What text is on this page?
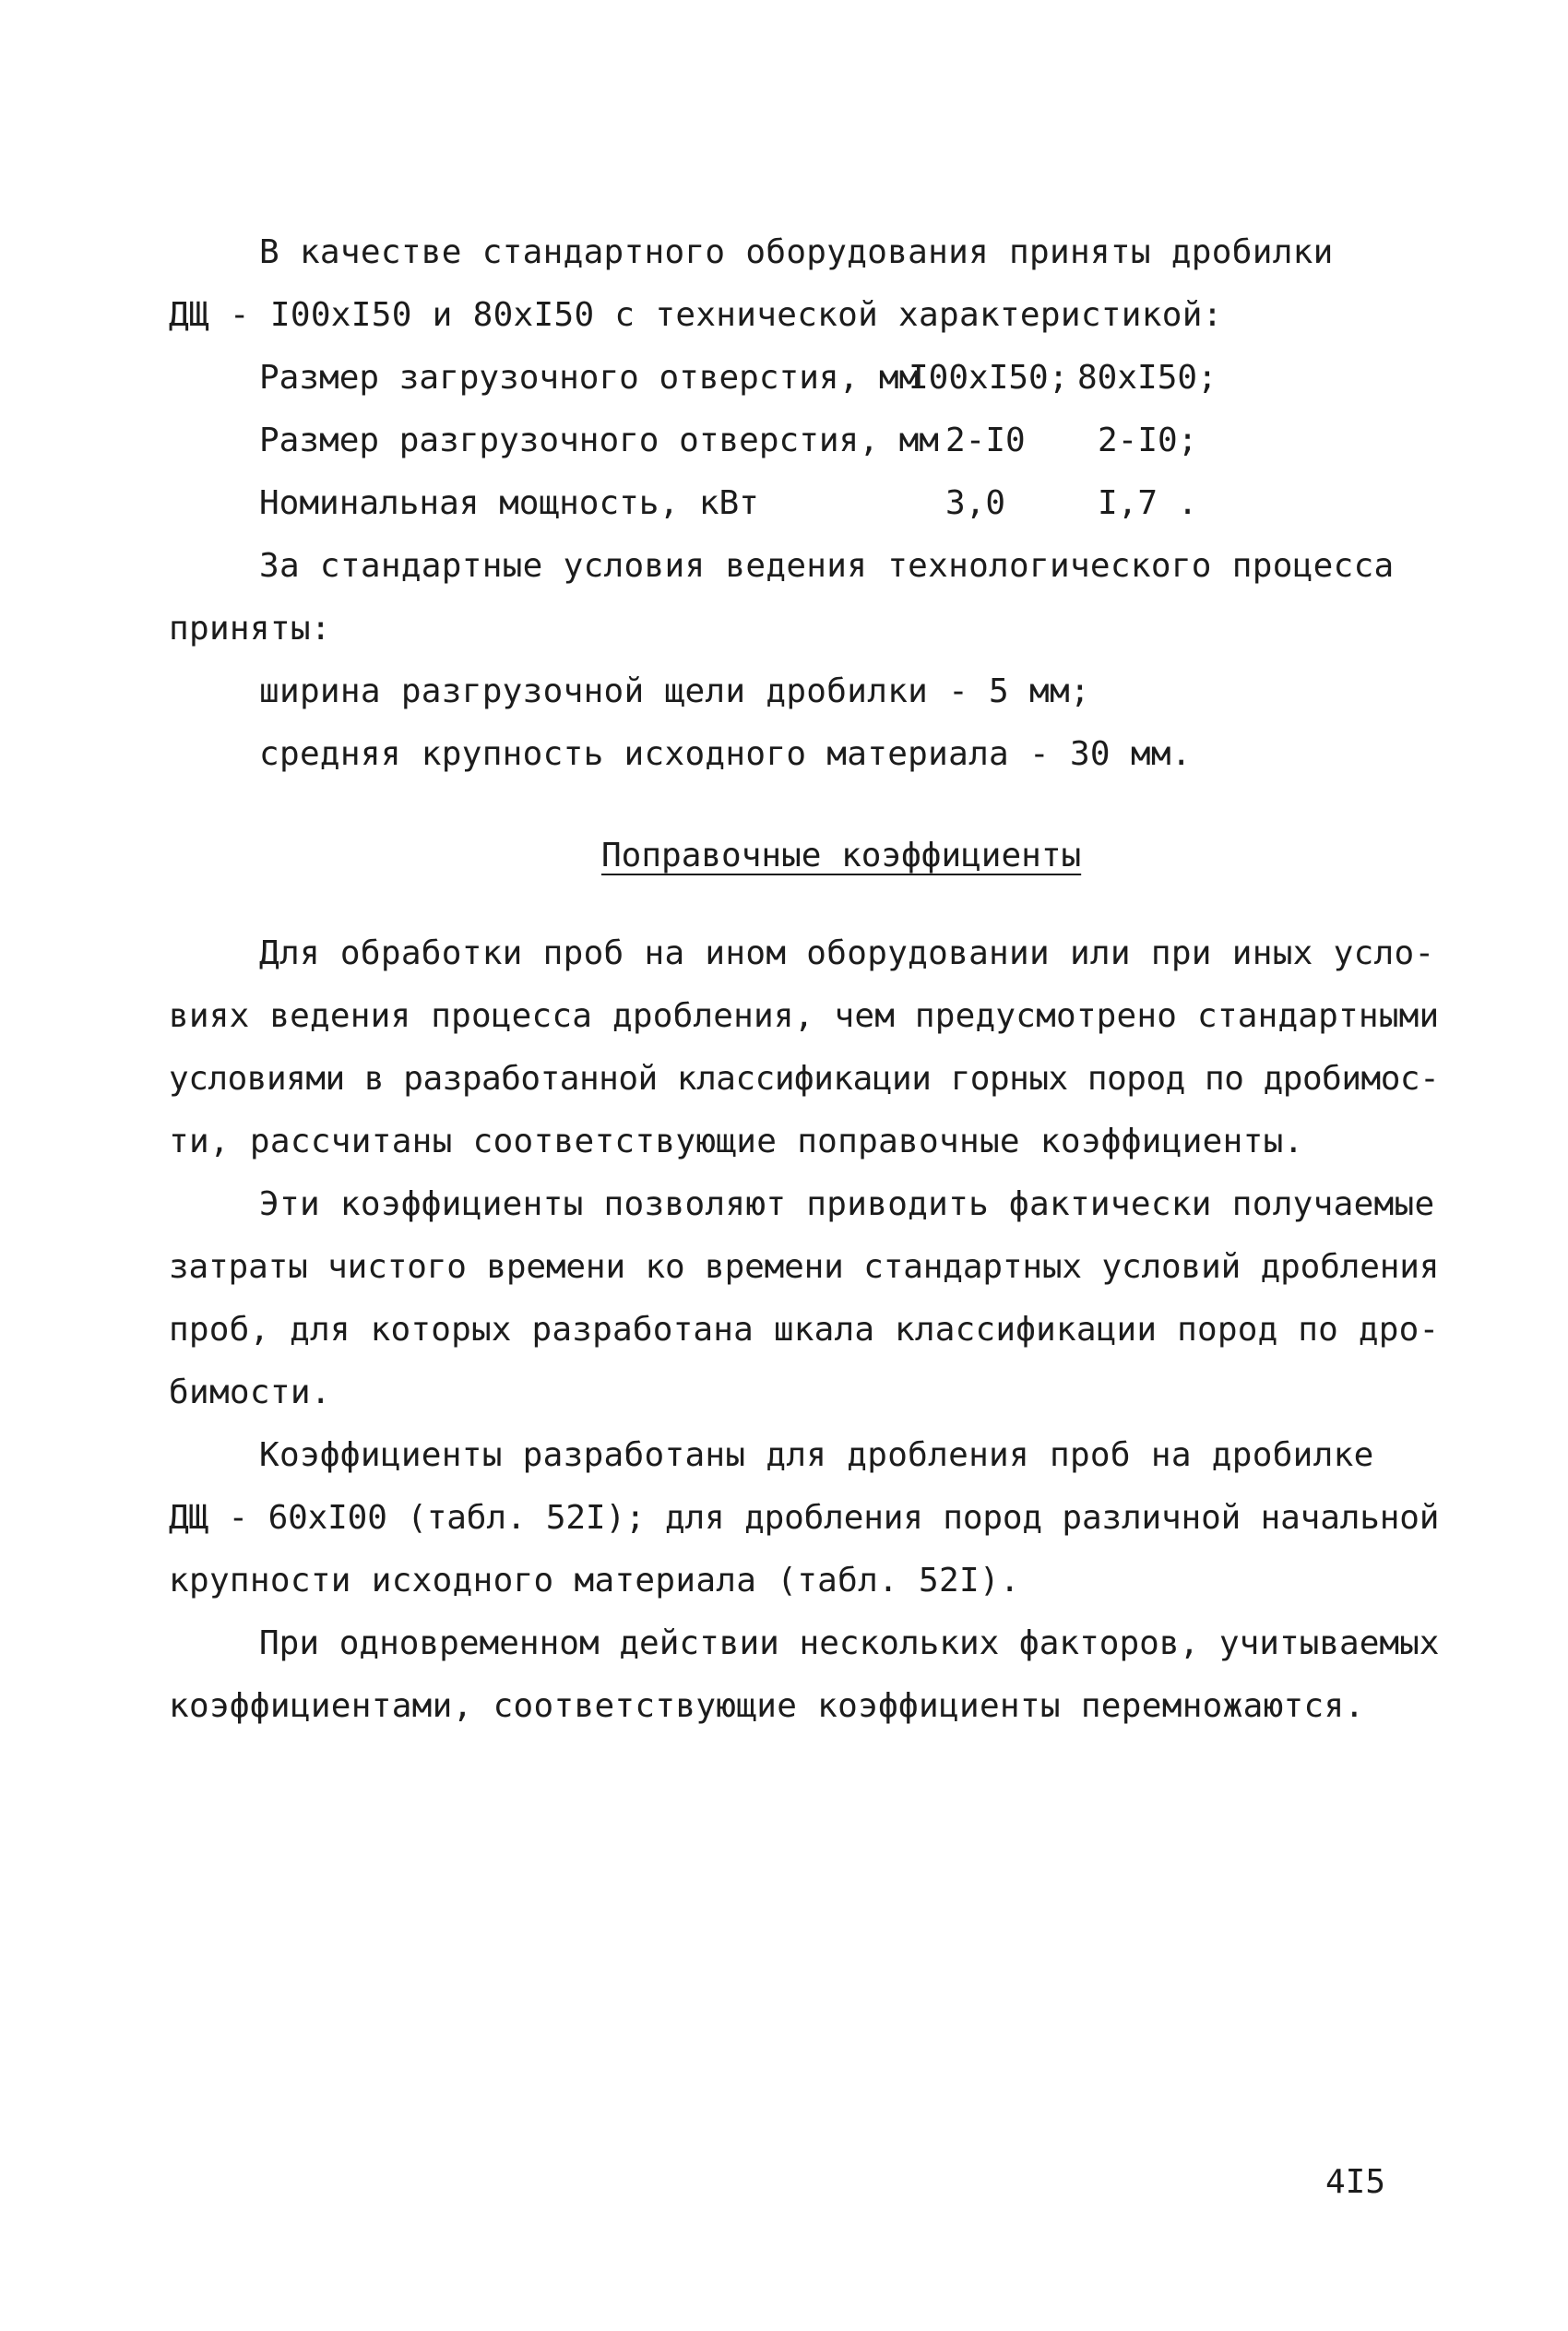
В качестве стандартного оборудования приняты дробилки
ДЩ - I00xI50 и 80xI50 с технической характеристикой:
Размер загрузочного отверстия, мм
I00xI50; 80xI50;
Размер разгрузочного отверстия, мм 2-I0 2-I0;
Номинальная мощность, кВт	3,0	I,7 .
За стандартные условия ведения технологического процесса
приняты:
ширина разгрузочной щели дробилки - 5 мм;
средняя крупность исходного материала - 30 мм.
Поправочные коэффициенты
Для обработки проб на ином оборудовании или при иных усло-
виях ведения процесса дробления, чем предусмотрено стандартными
условиями в разработанной классификации горных пород по дробимос-
ти, рассчитаны соответствующие поправочные коэффициенты.
Эти коэффициенты позволяют приводить фактически получаемые
затраты чистого времени ко времени стандартных условий дробления
проб, для которых разработана шкала классификации пород по дро-
бимости.
Коэффициенты разработаны для дробления проб на дробилке
ДЩ - 60xI00 (табл. 52I); для дробления пород различной начальной
крупности исходного материала (табл. 52I).
При одновременном действии нескольких факторов, учитываемых
коэффициентами, соответствующие коэффициенты перемножаются.
4I5
